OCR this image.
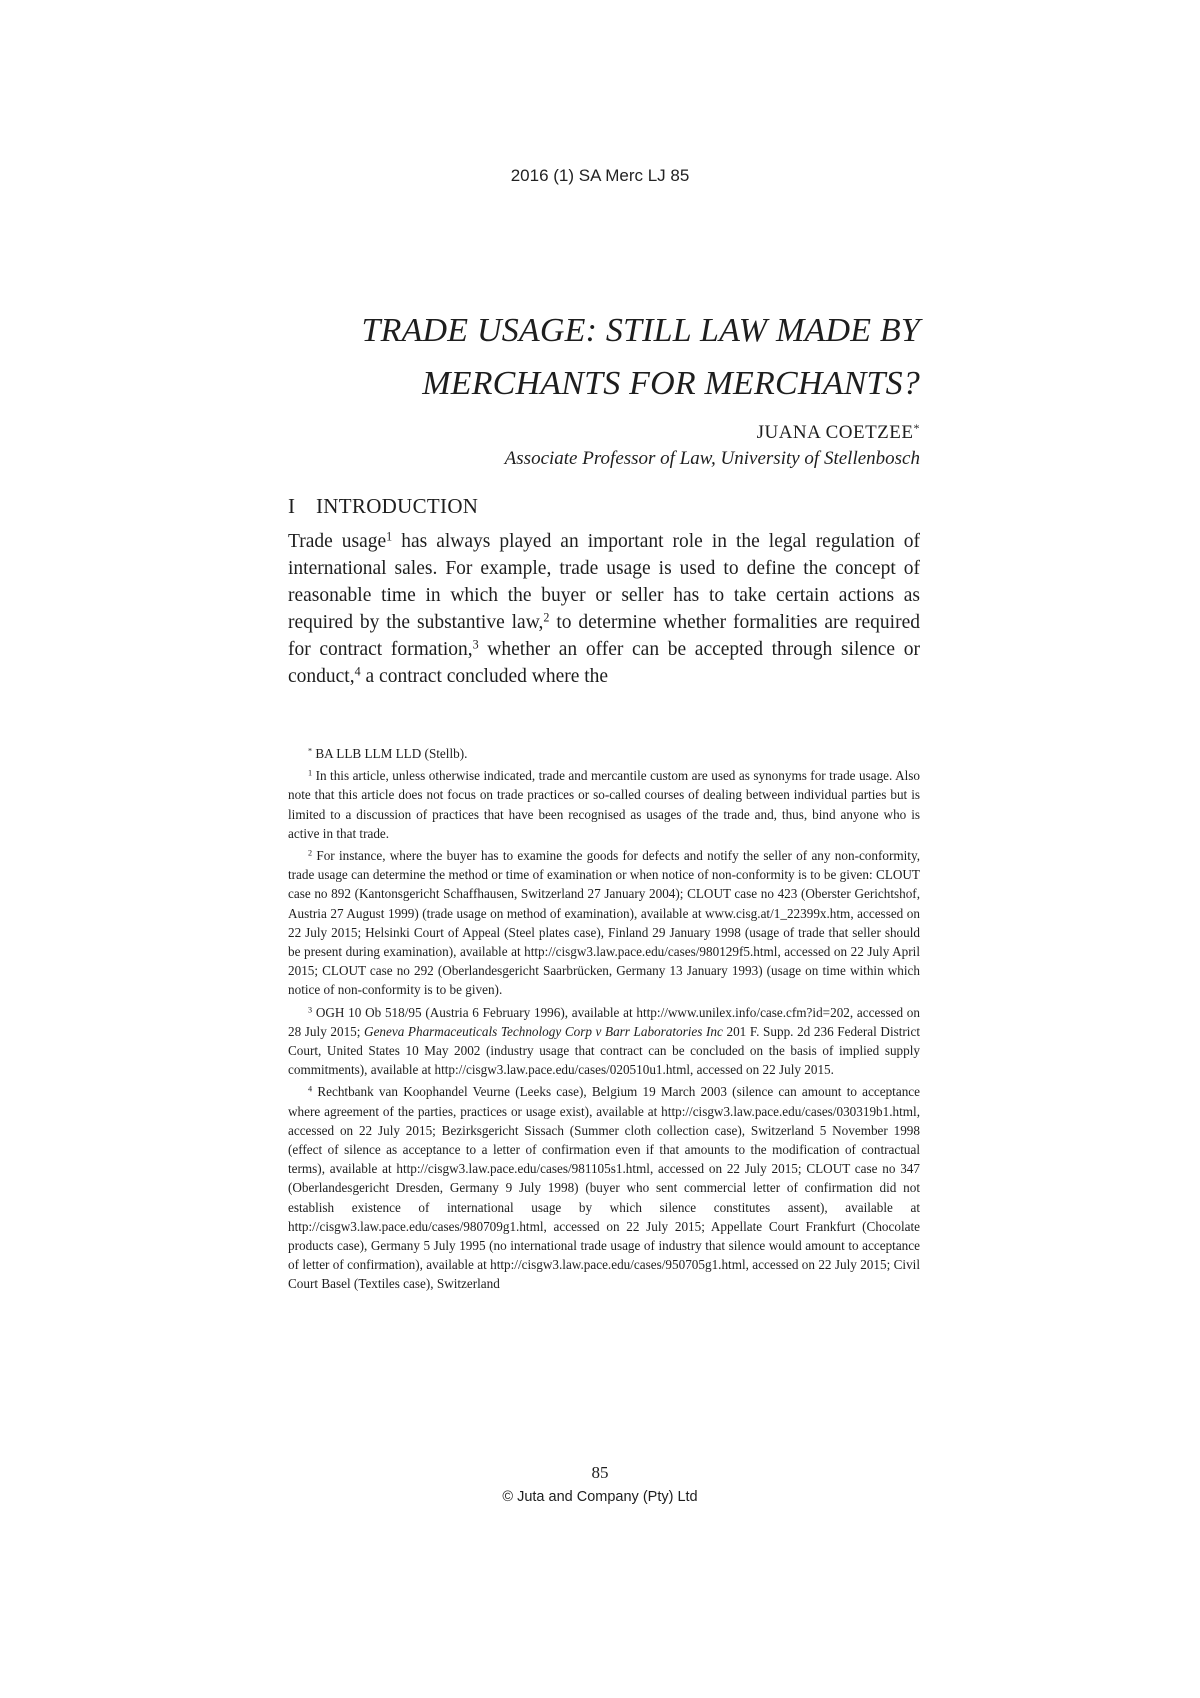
2016 (1) SA Merc LJ 85
TRADE USAGE: STILL LAW MADE BY
MERCHANTS FOR MERCHANTS?
JUANA COETZEE*
Associate Professor of Law, University of Stellenbosch
I INTRODUCTION

Trade usage$^1$ has always played an important role in the legal regulation of international sales. For example, trade usage is used to define the concept of reasonable time in which the buyer or seller has to take certain actions as required by the substantive law,$^2$ to determine whether formalities are required for contract formation,$^3$ whether an offer can be accepted through silence or conduct,$^4$ a contract concluded where the

* BA LLB LLM LLD (Stellb).

$^1$ In this article, unless otherwise indicated, trade and mercantile custom are used as synonyms for trade usage. Also note that this article does not focus on trade practices or so-called courses of dealing between individual parties but is limited to a discussion of practices that have been recognised as usages of the trade and, thus, bind anyone who is active in that trade.

$^2$ For instance, where the buyer has to examine the goods for defects and notify the seller of any non-conformity, trade usage can determine the method or time of examination or when notice of non-conformity is to be given: CLOUT case no 892 (Kantonsgericht Schaffhausen, Switzerland 27 January 2004); CLOUT case no 423 (Oberster Gerichtshof, Austria 27 August 1999) (trade usage on method of examination), available at www.cisg.at/1_22399x.htm, accessed on 22 July 2015; Helsinki Court of Appeal (Steel plates case), Finland 29 January 1998 (usage of trade that seller should be present during examination), available at http://cisgw3.law.pace.edu/cases/980129f5.html, accessed on 22 July April 2015; CLOUT case no 292 (Oberlandesgericht Saarbrücken, Germany 13 January 1993) (usage on time within which notice of non-conformity is to be given).

$^3$ OGH 10 Ob 518/95 (Austria 6 February 1996), available at http://www.unilex.info/case.cfm?id=202, accessed on 28 July 2015; Geneva Pharmaceuticals Technology Corp v Barr Laboratories Inc 201 F. Supp. 2d 236 Federal District Court, United States 10 May 2002 (industry usage that contract can be concluded on the basis of implied supply commitments), available at http://cisgw3.law.pace.edu/cases/020510u1.html, accessed on 22 July 2015.

$^4$ Rechtbank van Koophandel Veurne (Leeks case), Belgium 19 March 2003 (silence can amount to acceptance where agreement of the parties, practices or usage exist), available at http://cisgw3.law.pace.edu/cases/030319b1.html, accessed on 22 July 2015; Bezirksgericht Sissach (Summer cloth collection case), Switzerland 5 November 1998 (effect of silence as acceptance to a letter of confirmation even if that amounts to the modification of contractual terms), available at http://cisgw3.law.pace.edu/cases/981105s1.html, accessed on 22 July 2015; CLOUT case no 347 (Oberlandesgericht Dresden, Germany 9 July 1998) (buyer who sent commercial letter of confirmation did not establish existence of international usage by which silence constitutes assent), available at http://cisgw3.law.pace.edu/cases/980709g1.html, accessed on 22 July 2015; Appellate Court Frankfurt (Chocolate products case), Germany 5 July 1995 (no international trade usage of industry that silence would amount to acceptance of letter of confirmation), available at http://cisgw3.law.pace.edu/cases/950705g1.html, accessed on 22 July 2015; Civil Court Basel (Textiles case), Switzerland

85
© Juta and Company (Pty) Ltd
